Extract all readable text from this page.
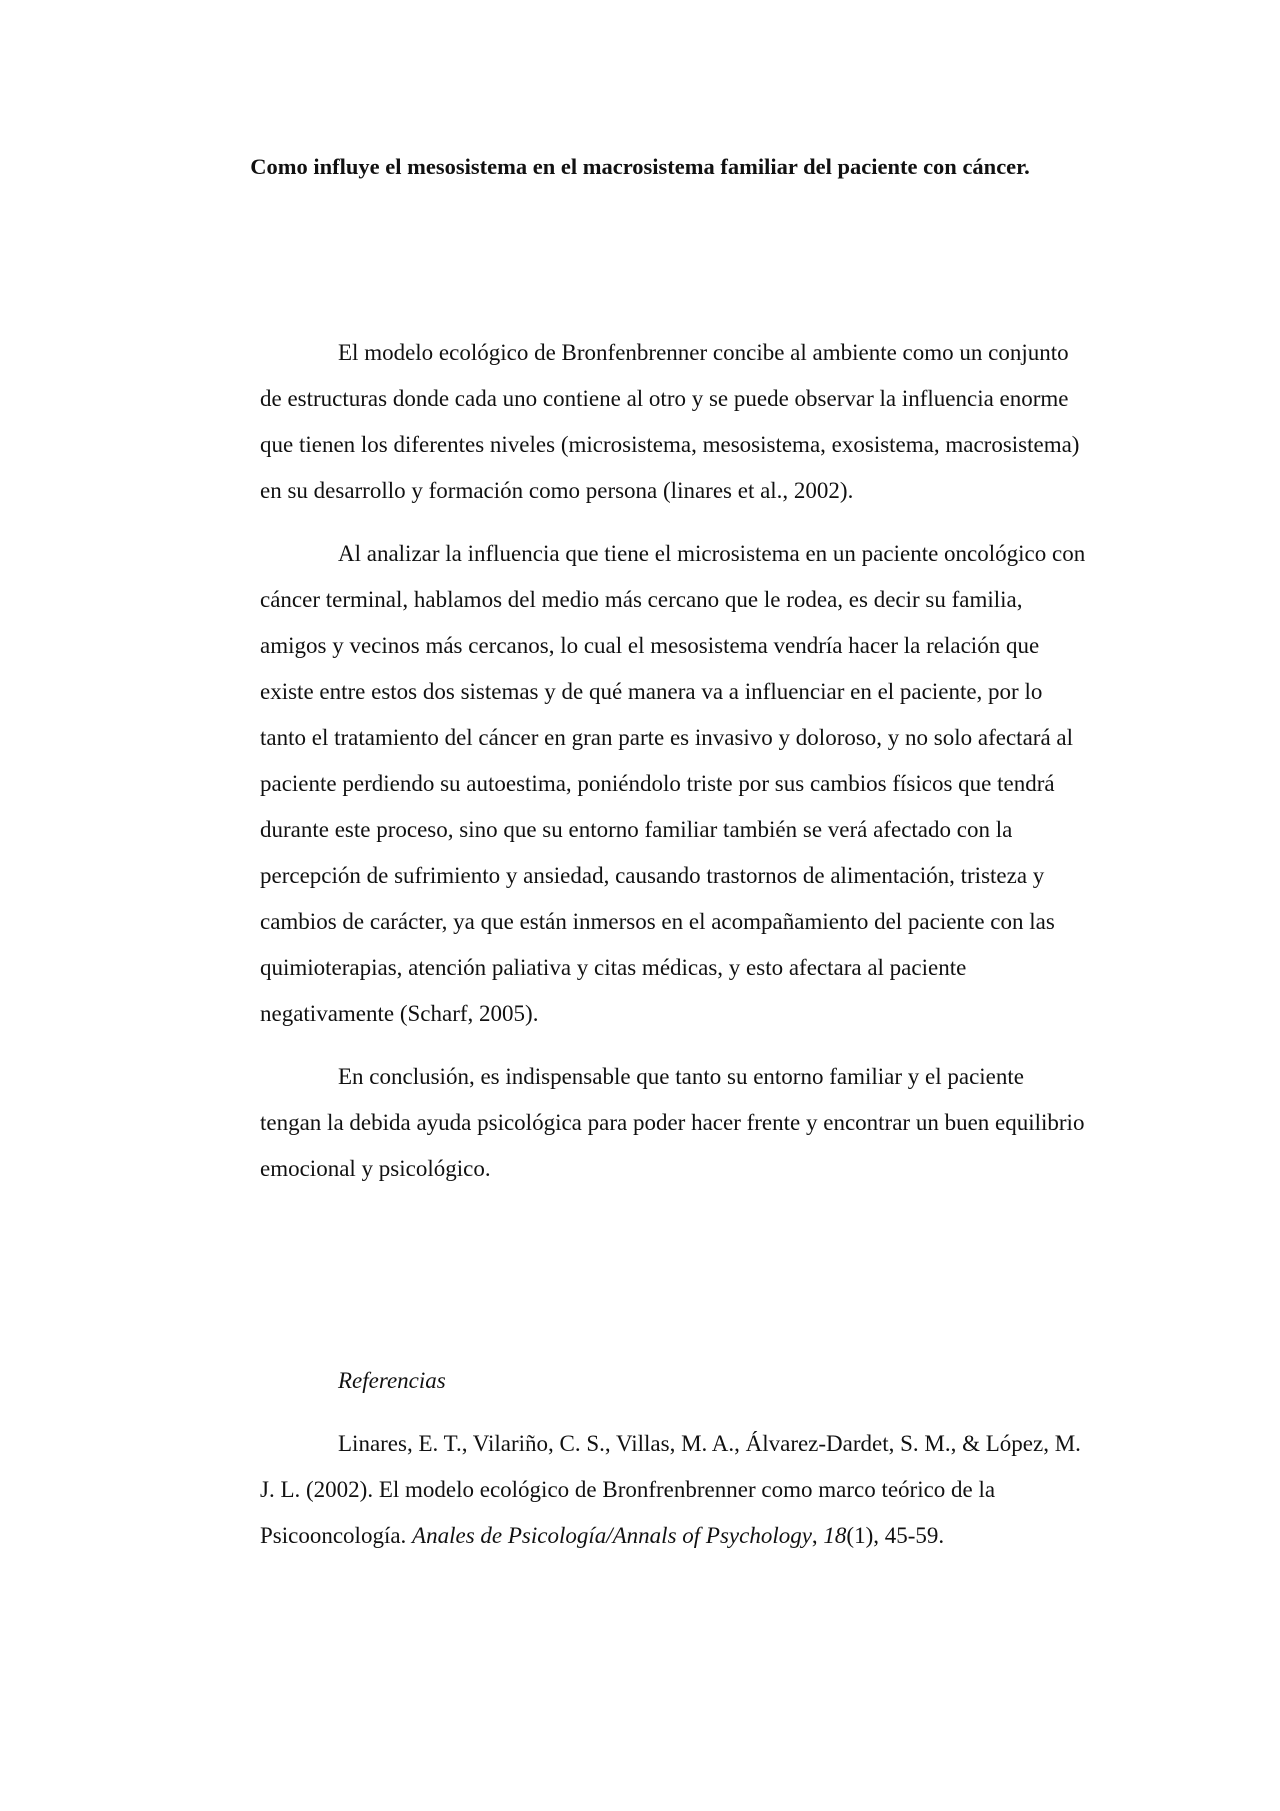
Como influye el mesosistema en el macrosistema familiar del paciente con cáncer.

El modelo ecológico de Bronfenbrenner concibe al ambiente como un conjunto de estructuras donde cada uno contiene al otro y se puede observar la influencia enorme que tienen los diferentes niveles (microsistema, mesosistema, exosistema, macrosistema) en su desarrollo y formación como persona (linares et al., 2002).

Al analizar la influencia que tiene el microsistema en un paciente oncológico con cáncer terminal, hablamos del medio más cercano que le rodea, es decir su familia, amigos y vecinos más cercanos, lo cual el mesosistema vendría hacer la relación que existe entre estos dos sistemas y de qué manera va a influenciar en el paciente, por lo tanto el tratamiento del cáncer en gran parte es invasivo y doloroso, y no solo afectará al paciente perdiendo su autoestima, poniéndolo triste por sus cambios físicos que tendrá durante este proceso, sino que su entorno familiar también se verá afectado con la percepción de sufrimiento y ansiedad, causando trastornos de alimentación, tristeza y cambios de carácter, ya que están inmersos en el acompañamiento del paciente con las quimioterapias, atención paliativa y citas médicas, y esto afectara al paciente negativamente (Scharf, 2005).

En conclusión, es indispensable que tanto su entorno familiar y el paciente tengan la debida ayuda psicológica para poder hacer frente y encontrar un buen equilibrio emocional y psicológico.

Referencias

Linares, E. T., Vilariño, C. S., Villas, M. A., Álvarez-Dardet, S. M., & López, M. J. L. (2002). El modelo ecológico de Bronfrenbrenner como marco teórico de la Psicooncología. Anales de Psicología/Annals of Psychology, 18(1), 45-59.
